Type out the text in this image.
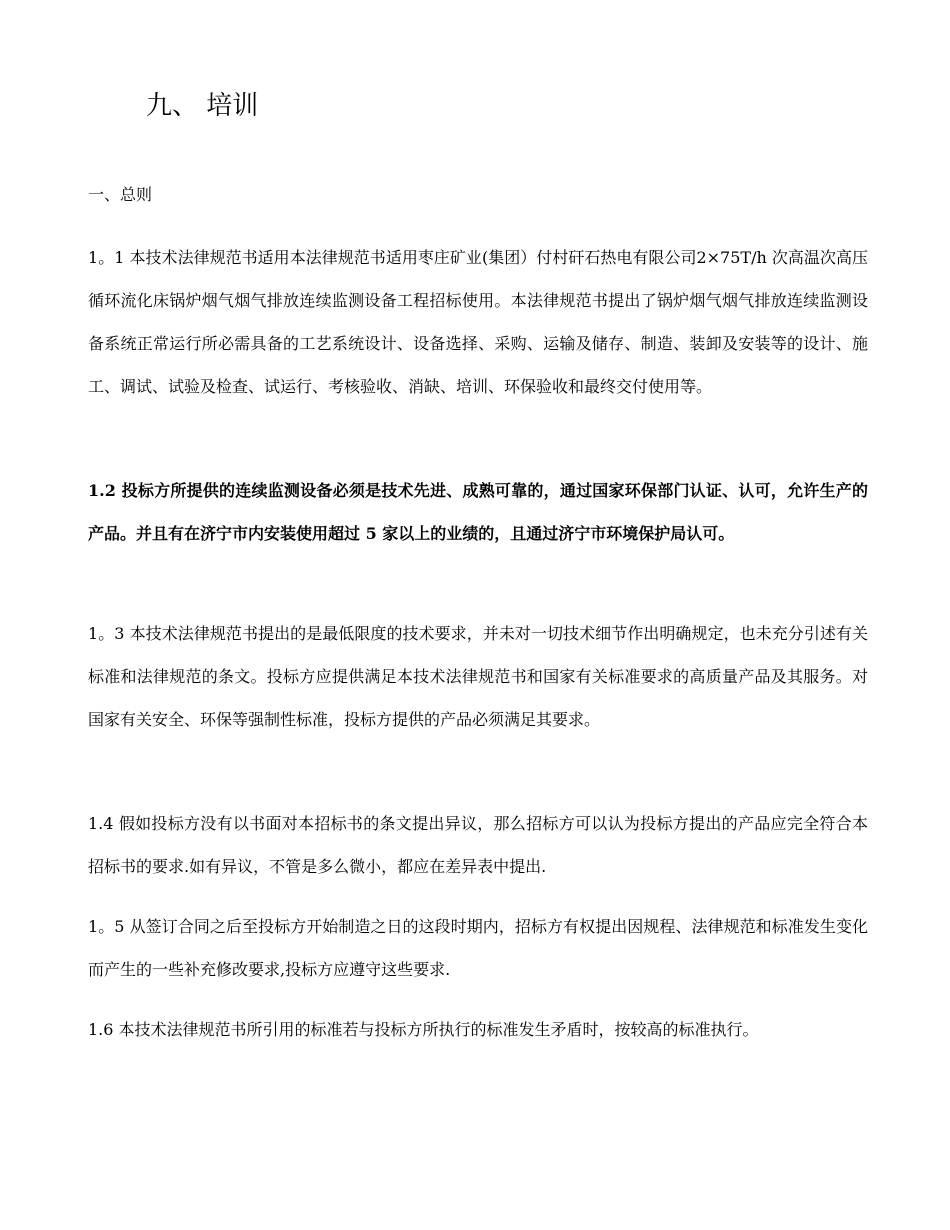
九、 培训
一、总则

1。1 本技术法律规范书适用本法律规范书适用枣庄矿业(集团）付村矸石热电有限公司2×75T/h 次高温次高压循环流化床锅炉烟气烟气排放连续监测设备工程招标使用。本法律规范书提出了锅炉烟气烟气排放连续监测设备系统正常运行所必需具备的工艺系统设计、设备选择、采购、运输及储存、制造、装卸及安装等的设计、施工、调试、试验及检查、试运行、考核验收、消缺、培训、环保验收和最终交付使用等。

1.2 投标方所提供的连续监测设备必须是技术先进、成熟可靠的，通过国家环保部门认证、认可，允许生产的产品。并且有在济宁市内安装使用超过 5 家以上的业绩的，且通过济宁市环境保护局认可。

1。3 本技术法律规范书提出的是最低限度的技术要求，并未对一切技术细节作出明确规定，也未充分引述有关标准和法律规范的条文。投标方应提供满足本技术法律规范书和国家有关标准要求的高质量产品及其服务。对国家有关安全、环保等强制性标准，投标方提供的产品必须满足其要求。

1.4 假如投标方没有以书面对本招标书的条文提出异议，那么招标方可以认为投标方提出的产品应完全符合本招标书的要求.如有异议，不管是多么微小，都应在差异表中提出.

1。5 从签订合同之后至投标方开始制造之日的这段时期内，招标方有权提出因规程、法律规范和标准发生变化而产生的一些补充修改要求,投标方应遵守这些要求.

1.6 本技术法律规范书所引用的标准若与投标方所执行的标准发生矛盾时，按较高的标准执行。
